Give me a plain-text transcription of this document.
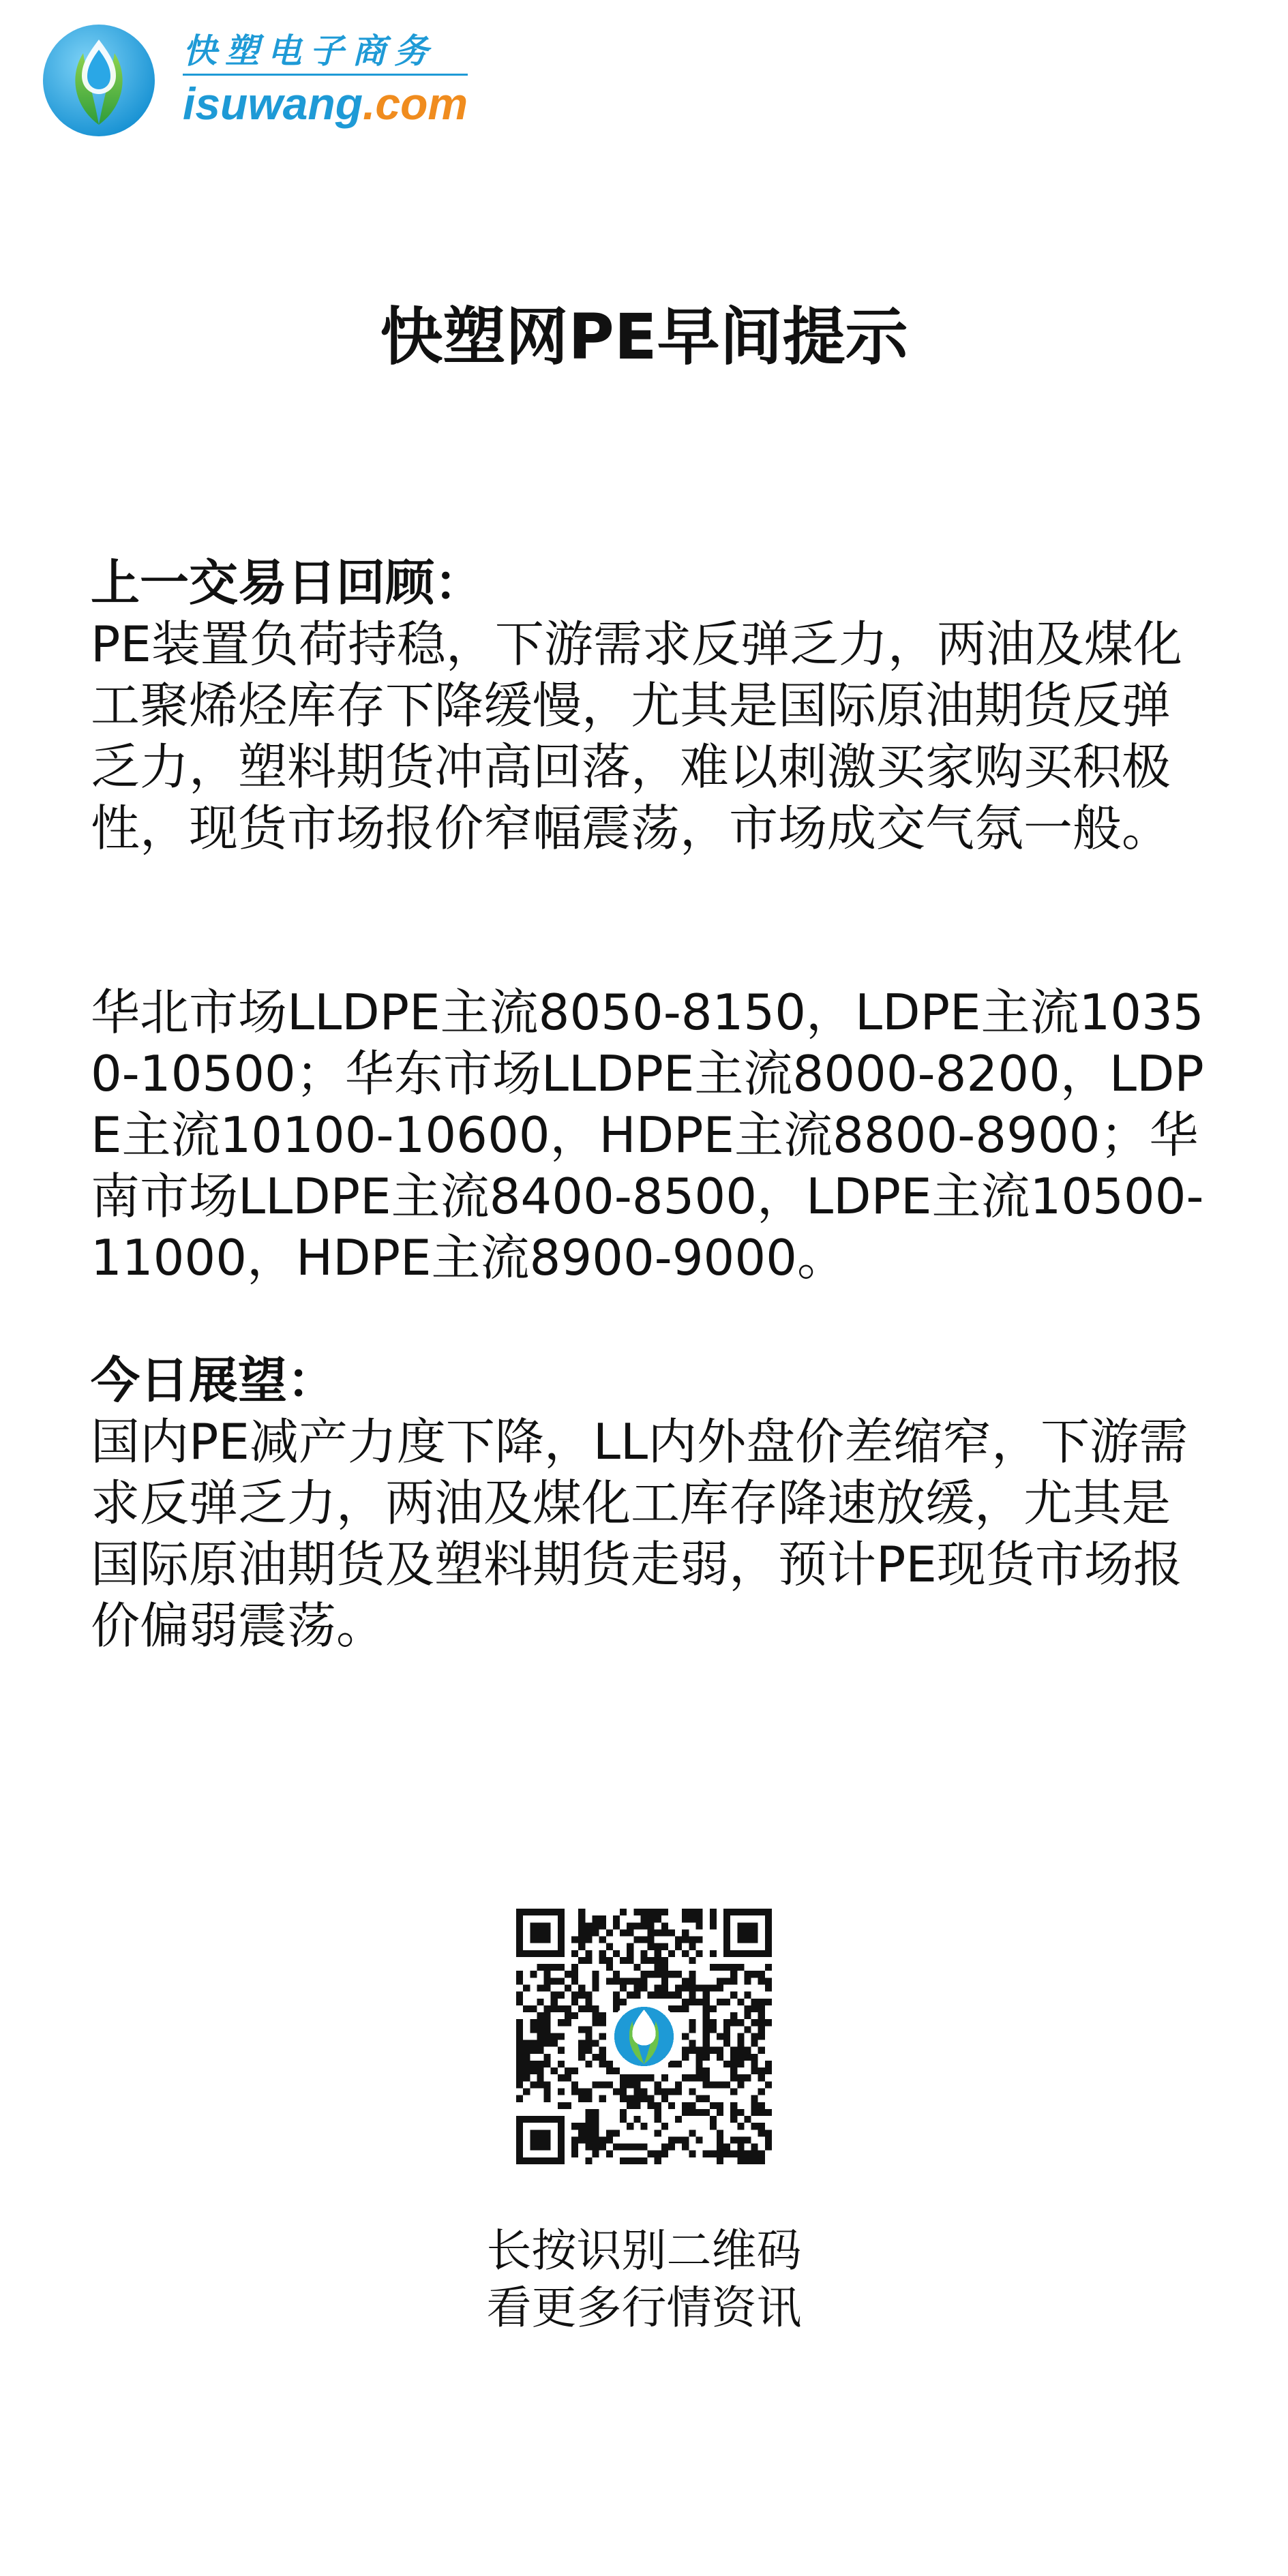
快塑电子商务
isuwang.com
快塑网PE早间提示

上一交易日回顾：

PE装置负荷持稳，下游需求反弹乏力，两油及煤化工聚烯烃库存下降缓慢，尤其是国际原油期货反弹乏力，塑料期货冲高回落，难以刺激买家购买积极性，现货市场报价窄幅震荡，市场成交气氛一般。

华北市场LLDPE主流8050-8150，LDPE主流10350-10500；华东市场LLDPE主流8000-8200，LDPE主流10100-10600，HDPE主流8800-8900；华南市场LLDPE主流8400-8500，LDPE主流10500-11000，HDPE主流8900-9000。

今日展望：

国内PE减产力度下降，LL内外盘价差缩窄，下游需求反弹乏力，两油及煤化工库存降速放缓，尤其是国际原油期货及塑料期货走弱，预计PE现货市场报价偏弱震荡。

长按识别二维码
看更多行情资讯
